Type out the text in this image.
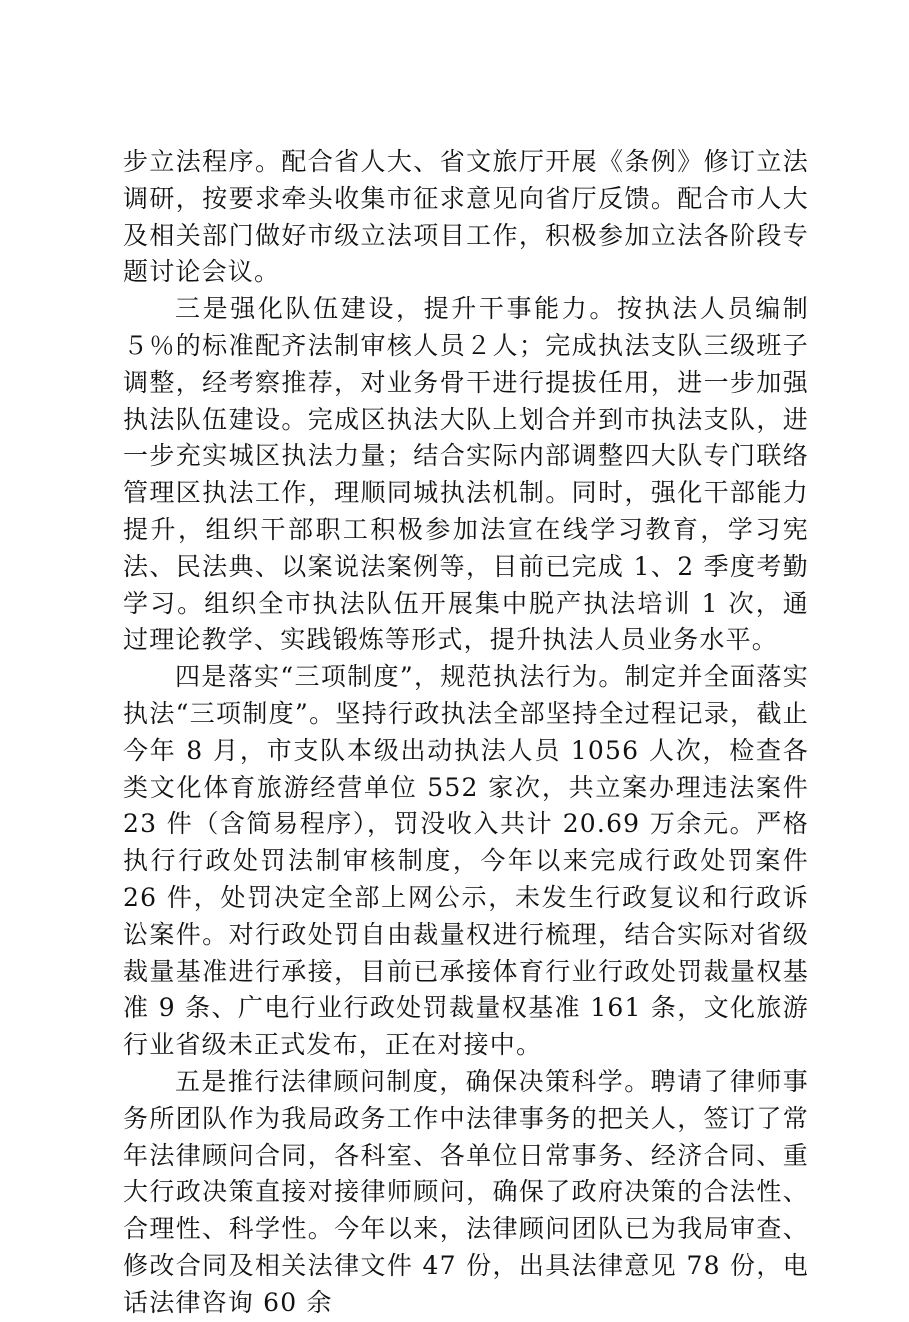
步立法程序。配合省人大、省文旅厅开展《条例》修订立法调研，按要求牵头收集市征求意见向省厅反馈。配合市人大及相关部门做好市级立法项目工作，积极参加立法各阶段专题讨论会议。

三是强化队伍建设，提升干事能力。按执法人员编制５％的标准配齐法制审核人员２人；完成执法支队三级班子调整，经考察推荐，对业务骨干进行提拔任用，进一步加强执法队伍建设。完成区执法大队上划合并到市执法支队，进一步充实城区执法力量；结合实际内部调整四大队专门联络管理区执法工作，理顺同城执法机制。同时，强化干部能力提升，组织干部职工积极参加法宣在线学习教育，学习宪法、民法典、以案说法案例等，目前已完成 1、2 季度考勤学习。组织全市执法队伍开展集中脱产执法培训 1 次，通过理论教学、实践锻炼等形式，提升执法人员业务水平。

四是落实“三项制度”，规范执法行为。制定并全面落实执法“三项制度”。坚持行政执法全部坚持全过程记录，截止今年 8 月，市支队本级出动执法人员 1056 人次，检查各类文化体育旅游经营单位 552 家次，共立案办理违法案件 23 件（含简易程序），罚没收入共计 20.69 万余元。严格执行行政处罚法制审核制度，今年以来完成行政处罚案件 26 件，处罚决定全部上网公示，未发生行政复议和行政诉讼案件。对行政处罚自由裁量权进行梳理，结合实际对省级裁量基准进行承接，目前已承接体育行业行政处罚裁量权基准 9 条、广电行业行政处罚裁量权基准 161 条，文化旅游行业省级未正式发布，正在对接中。

五是推行法律顾问制度，确保决策科学。聘请了律师事务所团队作为我局政务工作中法律事务的把关人，签订了常年法律顾问合同，各科室、各单位日常事务、经济合同、重大行政决策直接对接律师顾问，确保了政府决策的合法性、合理性、科学性。今年以来，法律顾问团队已为我局审查、修改合同及相关法律文件 47 份，出具法律意见 78 份，电话法律咨询 60 余
